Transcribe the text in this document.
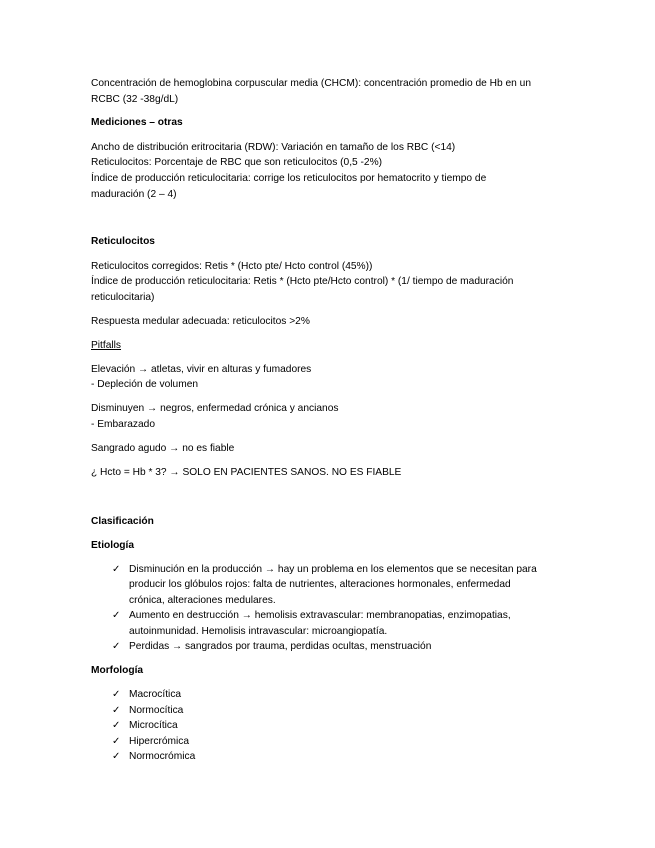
Concentración de hemoglobina corpuscular media (CHCM): concentración promedio de Hb en un
RCBC (32 -38g/dL)
Mediciones – otras
Ancho de distribución eritrocitaria (RDW): Variación en tamaño de los RBC (<14)
Reticulocitos: Porcentaje de RBC que son reticulocitos (0,5 -2%)
Índice de producción reticulocitaria: corrige los reticulocitos por hematocrito y tiempo de
maduración (2 – 4)
Reticulocitos
Reticulocitos corregidos: Retis * (Hcto pte/ Hcto control (45%))
Índice de producción reticulocitaria: Retis * (Hcto pte/Hcto control) * (1/ tiempo de maduración
reticulocitaria)
Respuesta medular adecuada: reticulocitos >2%
Pitfalls
Elevación → atletas, vivir en alturas y fumadores
- Depleción de volumen
Disminuyen → negros, enfermedad crónica y ancianos
- Embarazado
Sangrado agudo → no es fiable
¿ Hcto = Hb * 3? → SOLO EN PACIENTES SANOS. NO ES FIABLE
Clasificación
Etiología
✓ Disminución en la producción → hay un problema en los elementos que se necesitan para
producir los glóbulos rojos: falta de nutrientes, alteraciones hormonales, enfermedad
crónica, alteraciones medulares.
✓ Aumento en destrucción → hemolisis extravascular: membranopatias, enzimopatias,
autoinmunidad. Hemolisis intravascular: microangiopatía.
✓ Perdidas → sangrados por trauma, perdidas ocultas, menstruación
Morfología
✓ Macrocítica
✓ Normocítica
✓ Microcítica
✓ Hipercrómica
✓ Normocrómica
